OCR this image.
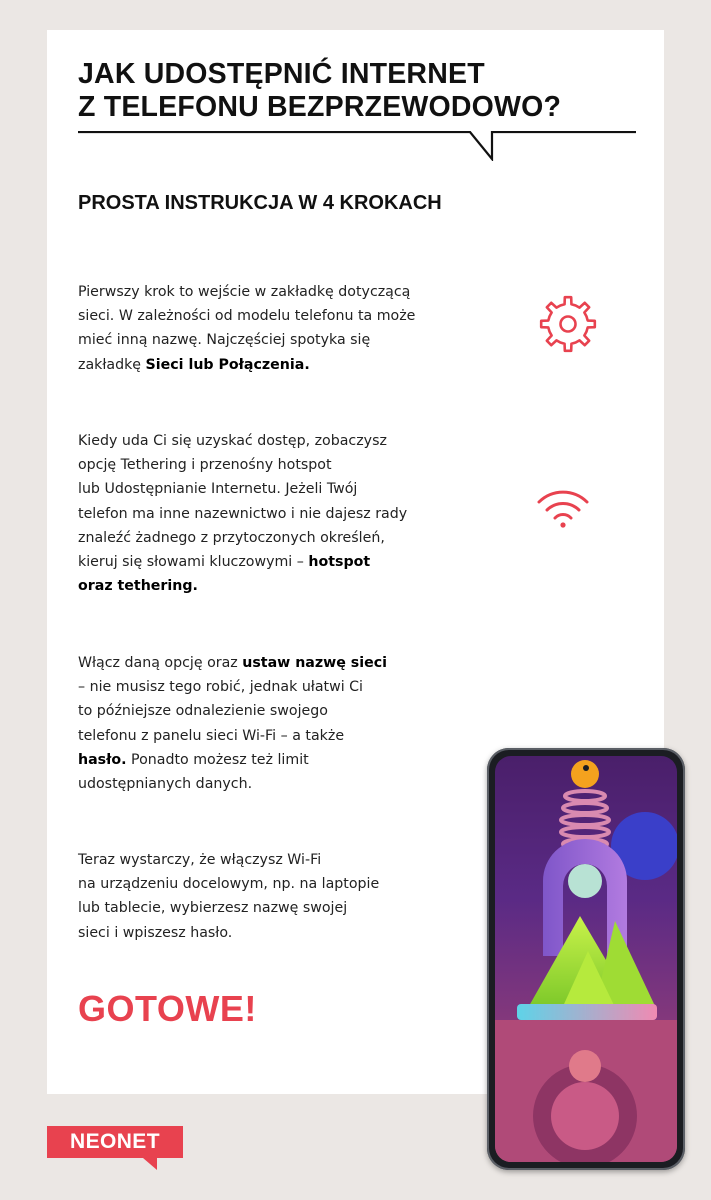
JAK UDOSTĘPNIĆ INTERNET
Z TELEFONU BEZPRZEWODOWO?
PROSTA INSTRUKCJA W 4 KROKACH

Pierwszy krok to wejście w zakładkę dotyczącą
sieci. W zależności od modelu telefonu ta może
mieć inną nazwę. Najczęściej spotyka się
zakładkę Sieci lub Połączenia.

Kiedy uda Ci się uzyskać dostęp, zobaczysz
opcję Tethering i przenośny hotspot
lub Udostępnianie Internetu. Jeżeli Twój
telefon ma inne nazewnictwo i nie dajesz rady
znaleźć żadnego z przytoczonych określeń,
kieruj się słowami kluczowymi – hotspot
oraz tethering.

Włącz daną opcję oraz ustaw nazwę sieci
– nie musisz tego robić, jednak ułatwi Ci
to późniejsze odnalezienie swojego
telefonu z panelu sieci Wi-Fi – a także
hasło. Ponadto możesz też limit
udostępnianych danych.

Teraz wystarczy, że włączysz Wi-Fi
na urządzeniu docelowym, np. na laptopie
lub tablecie, wybierzesz nazwę swojej
sieci i wpiszesz hasło.

GOTOWE!

NEONET
